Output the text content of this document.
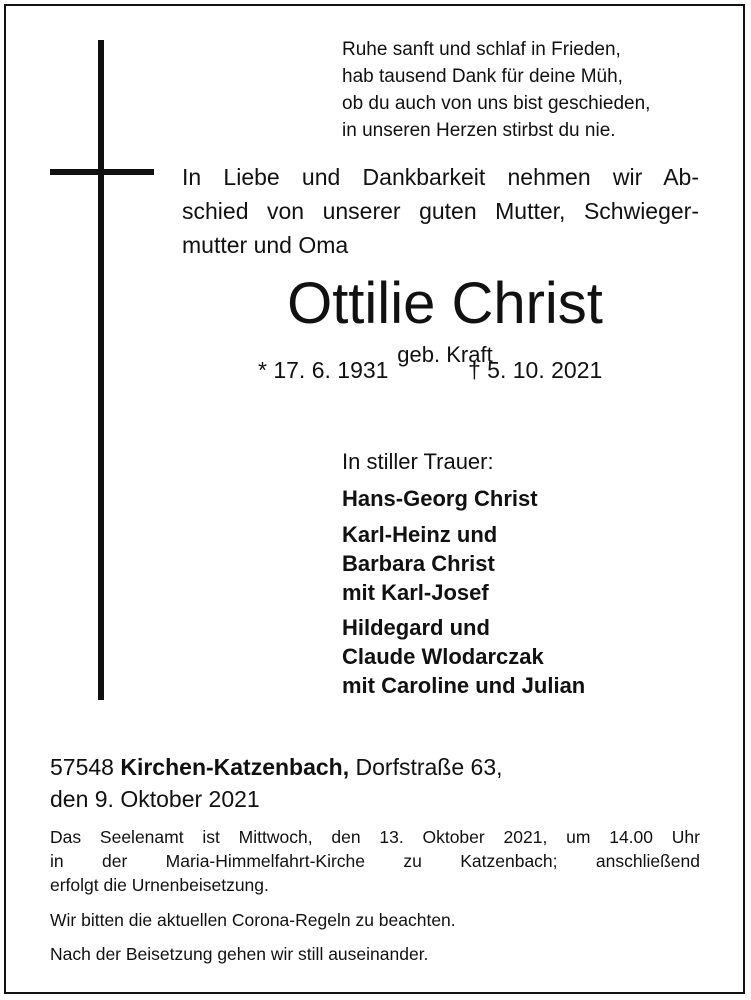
Ruhe sanft und schlaf in Frieden,
hab tausend Dank für deine Müh,
ob du auch von uns bist geschieden,
in unseren Herzen stirbst du nie.
In Liebe und Dankbarkeit nehmen wir Ab-
schied von unserer guten Mutter, Schwieger-
mutter und Oma
Ottilie Christ
geb. Kraft
* 17. 6. 1931	† 5. 10. 2021
In stiller Trauer:
Hans-Georg Christ
Karl-Heinz und
Barbara Christ
mit Karl-Josef
Hildegard und
Claude Wlodarczak
mit Caroline und Julian
57548 Kirchen-Katzenbach, Dorfstraße 63,
den 9. Oktober 2021
Das Seelenamt ist Mittwoch, den 13. Oktober 2021, um 14.00 Uhr
in der Maria-Himmelfahrt-Kirche zu Katzenbach; anschließend
erfolgt die Urnenbeisetzung.
Wir bitten die aktuellen Corona-Regeln zu beachten.
Nach der Beisetzung gehen wir still auseinander.
